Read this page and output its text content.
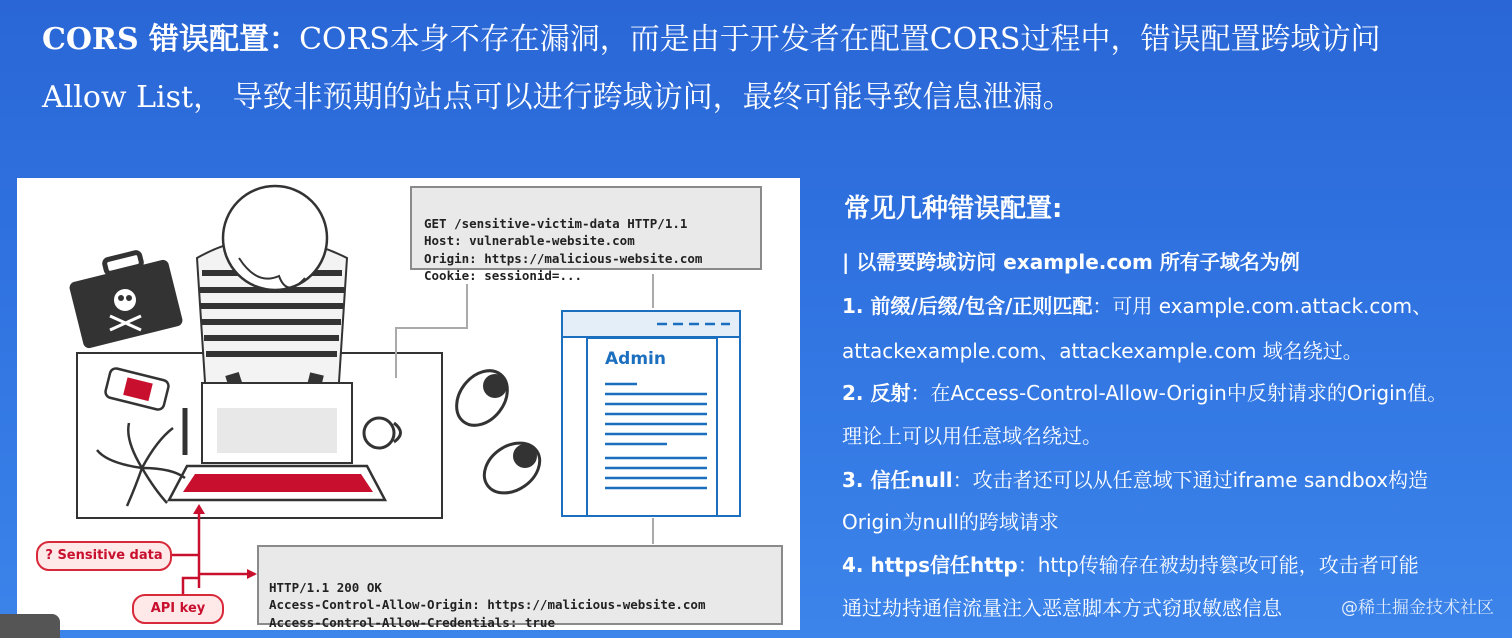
CORS 错误配置：CORS本身不存在漏洞，而是由于开发者在配置CORS过程中，错误配置跨域访问
Allow List， 导致非预期的站点可以进行跨域访问，最终可能导致信息泄漏。

GET /sensitive-victim-data HTTP/1.1
Host: vulnerable-website.com
Origin: https://malicious-website.com
Cookie: sessionid=...

HTTP/1.1 200 OK
Access-Control-Allow-Origin: https://malicious-website.com
Access-Control-Allow-Credentials: true
Admin
? Sensitive data
API key
常见几种错误配置:
| 以需要跨域访问 example.com 所有子域名为例
1. 前缀/后缀/包含/正则匹配：可用 example.com.attack.com、
attackexample.com、attackexample.com 域名绕过。
2. 反射：在Access-Control-Allow-Origin中反射请求的Origin值。
理论上可以用任意域名绕过。
3. 信任null：攻击者还可以从任意域下通过iframe sandbox构造
Origin为null的跨域请求
4. https信任http：http传输存在被劫持篡改可能，攻击者可能
通过劫持通信流量注入恶意脚本方式窃取敏感信息	@稀土掘金技术社区
